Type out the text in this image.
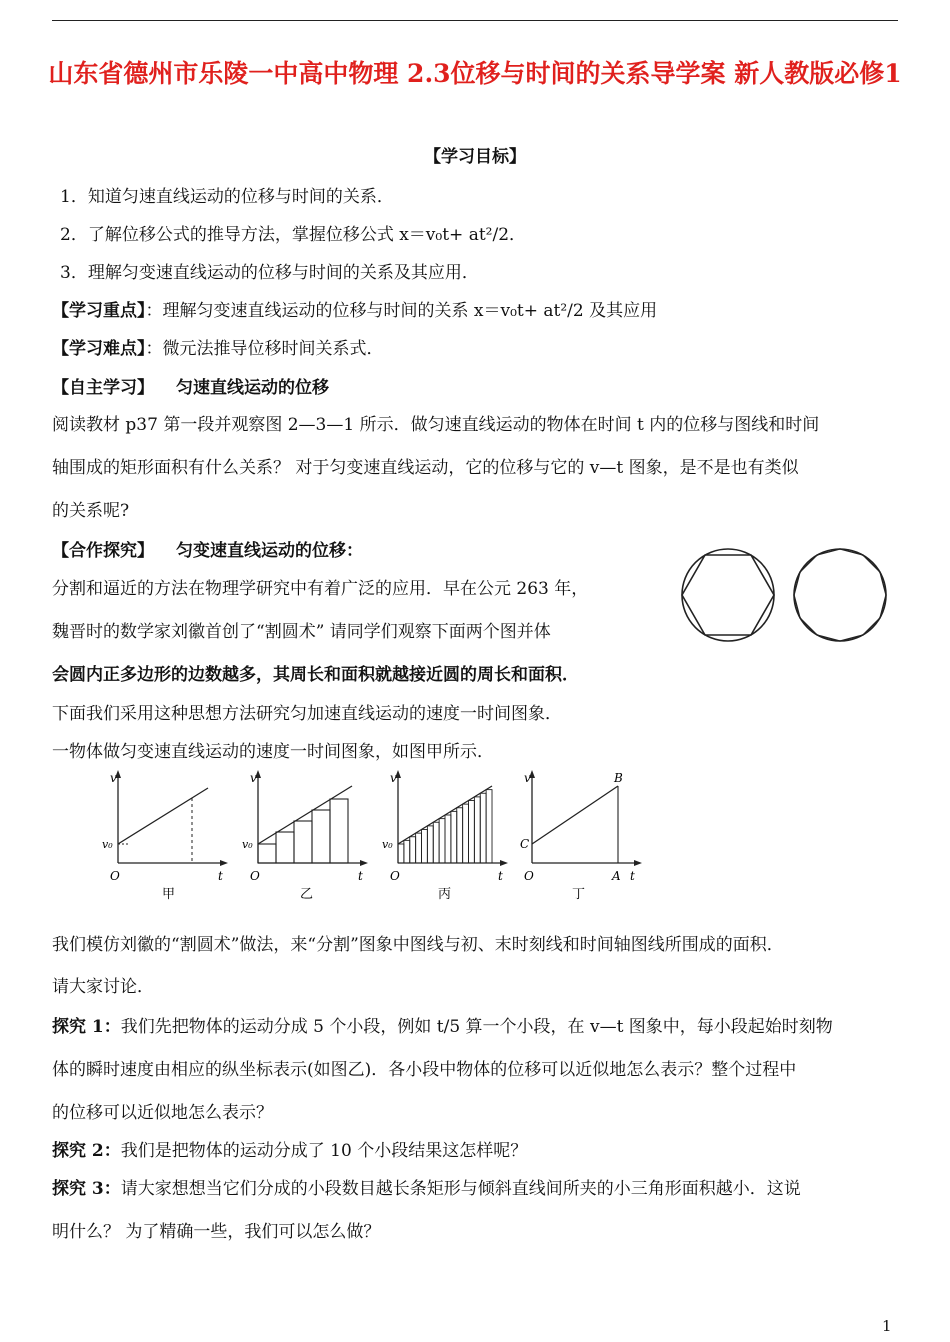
山东省德州市乐陵一中高中物理 2.3位移与时间的关系导学案 新人教版必修1
【学习目标】
1．知道匀速直线运动的位移与时间的关系．
2．了解位移公式的推导方法，掌握位移公式 x＝v₀t+ at²/2．
3．理解匀变速直线运动的位移与时间的关系及其应用．
【学习重点】：理解匀变速直线运动的位移与时间的关系 x＝v₀t+ at²/2 及其应用
【学习难点】：微元法推导位移时间关系式．
【自主学习】 匀速直线运动的位移
阅读教材 p37 第一段并观察图 2—3—1 所示．做匀速直线运动的物体在时间 t 内的位移与图线和时间
轴围成的矩形面积有什么关系？ 对于匀变速直线运动，它的位移与它的 v—t 图象，是不是也有类似
的关系呢?
【合作探究】 匀变速直线运动的位移：
分割和逼近的方法在物理学研究中有着广泛的应用．早在公元 263 年，
魏晋时的数学家刘徽首创了“割圆术” 请同学们观察下面两个图并体
会圆内正多边形的边数越多，其周长和面积就越接近圆的周长和面积．
下面我们采用这种思想方法研究匀加速直线运动的速度一时间图象．
一物体做匀变速直线运动的速度一时间图象，如图甲所示．
v
v₀
O	t
甲
v
v₀
O	t
乙
v
v₀
O	t
丙
v	B
C
O	A t
丁
我们模仿刘徽的“割圆术”做法，来“分割”图象中图线与初、末时刻线和时间轴图线所围成的面积．
请大家讨论．
探究 1：我们先把物体的运动分成 5 个小段，例如 t/5 算一个小段，在 v—t 图象中，每小段起始时刻物
体的瞬时速度由相应的纵坐标表示(如图乙)．各小段中物体的位移可以近似地怎么表示？整个过程中
的位移可以近似地怎么表示？
探究 2：我们是把物体的运动分成了 10 个小段结果这怎样呢？
探究 3：请大家想想当它们分成的小段数目越长条矩形与倾斜直线间所夹的小三角形面积越小．这说
明什么？ 为了精确一些，我们可以怎么做？
1
